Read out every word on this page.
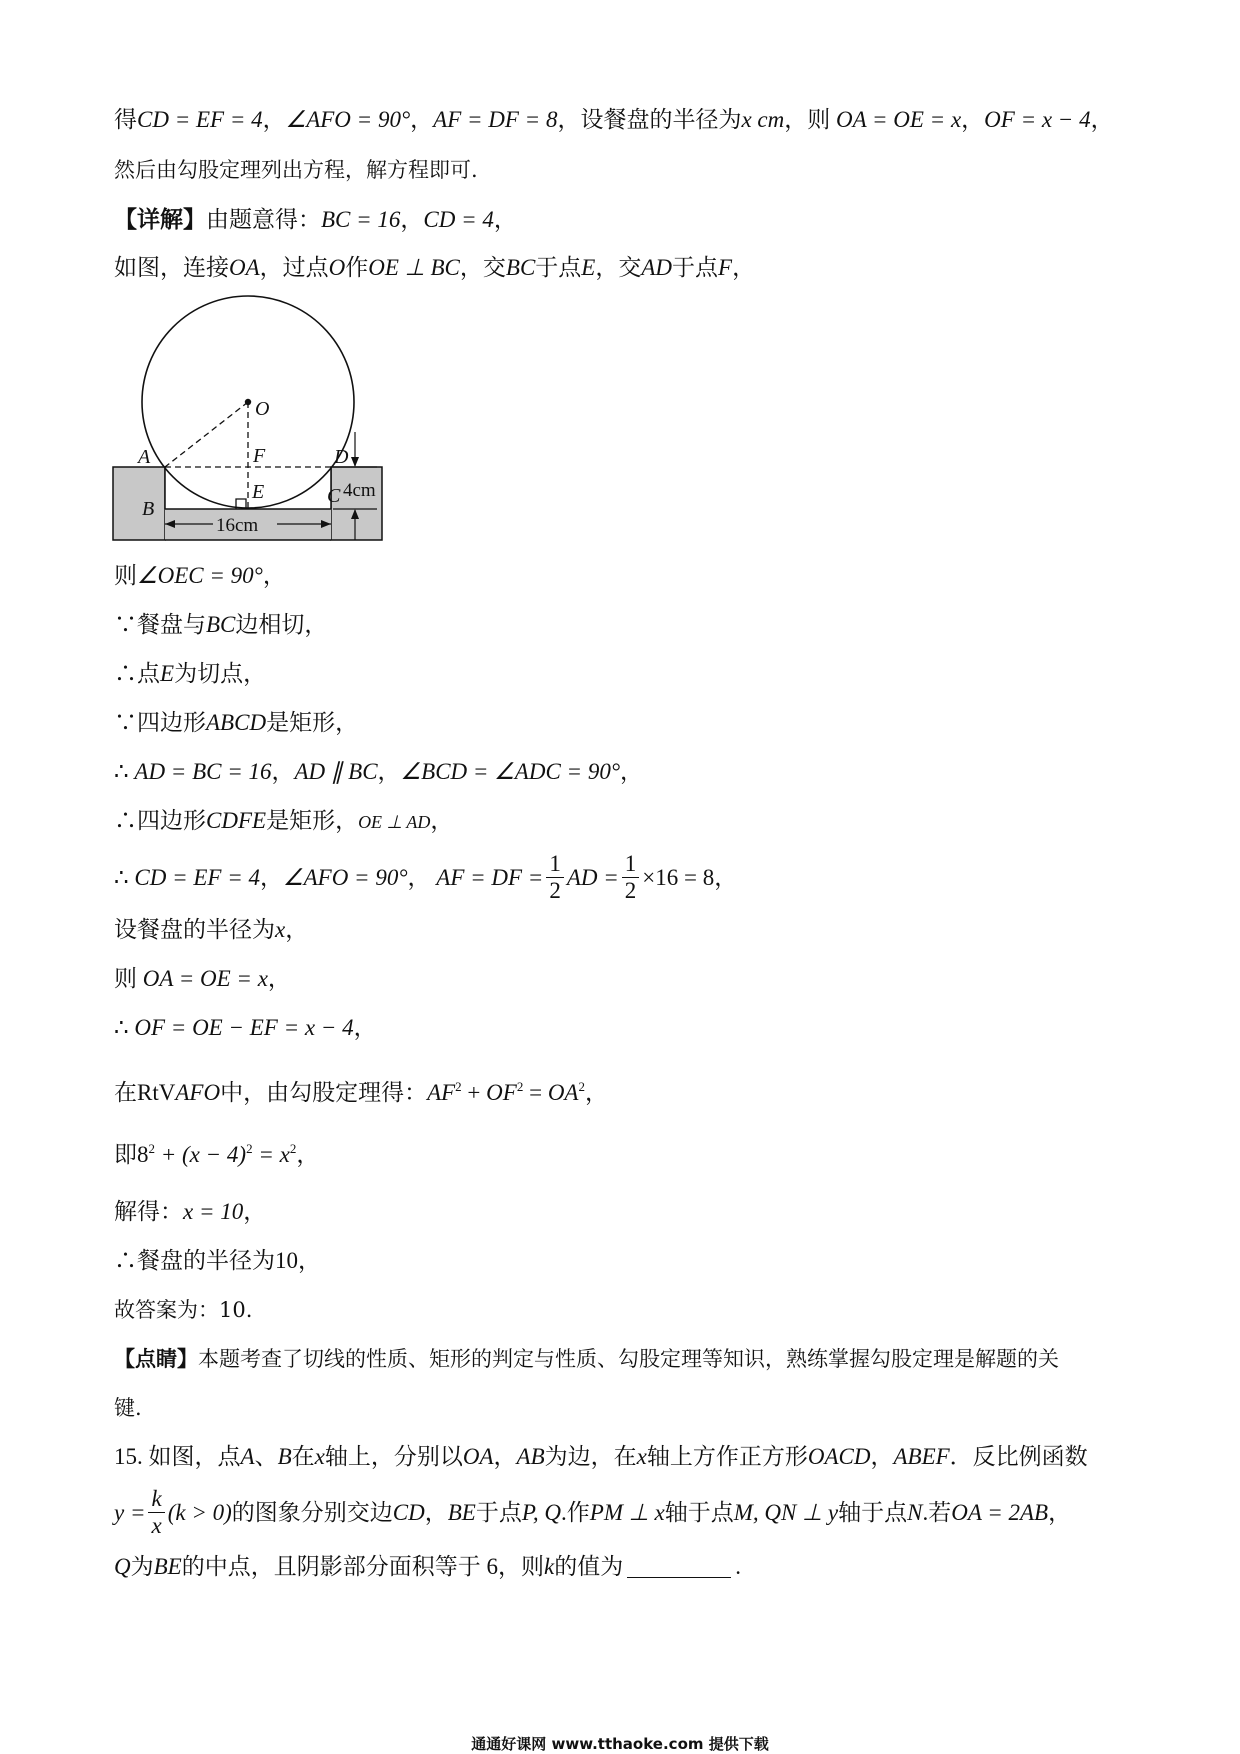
得CD = EF = 4，∠AFO = 90°，AF = DF = 8，设餐盘的半径为x cm，则 OA = OE = x，OF = x − 4，
然后由勾股定理列出方程，解方程即可.
【详解】由题意得：BC = 16，CD = 4，
如图，连接OA，过点O作OE ⊥ BC，交BC于点E，交AD于点F，
O
A	D
F
E
B
C
16cm
4cm
则∠OEC = 90°，
∵餐盘与BC边相切，
∴点E为切点，
∵四边形ABCD是矩形，
∴ AD = BC = 16，AD ∥ BC，∠BCD = ∠ADC = 90°，
∴四边形CDFE是矩形，OE ⊥ AD，
∴ CD = EF = 4，∠AFO = 90°， AF = DF = $\frac{1}{2}$ AD = $\frac{1}{2} \times 16 = 8$，
设餐盘的半径为x，
则 OA = OE = x，
∴ OF = OE − EF = x − 4，
在RtVAFO中，由勾股定理得：$AF^2 + OF^2 = OA^2$，
即$8^2 + (x - 4)^2 = x^2$，
解得：x = 10，
∴餐盘的半径为10，
故答案为：10.
【点睛】本题考查了切线的性质、矩形的判定与性质、勾股定理等知识，熟练掌握勾股定理是解题的关
键.
15. 如图，点A、B在x轴上，分别以OA，AB为边，在x轴上方作正方形OACD，ABEF．反比例函数
$y = \frac{k}{x} (k > 0)$的图象分别交边CD，BE于点P, Q.作PM ⊥ x轴于点M, QN ⊥ y轴于点N.若OA = 2AB，
Q为BE的中点，且阴影部分面积等于 6，则k的值为	.
通通好课网 www.tthaoke.com 提供下载
